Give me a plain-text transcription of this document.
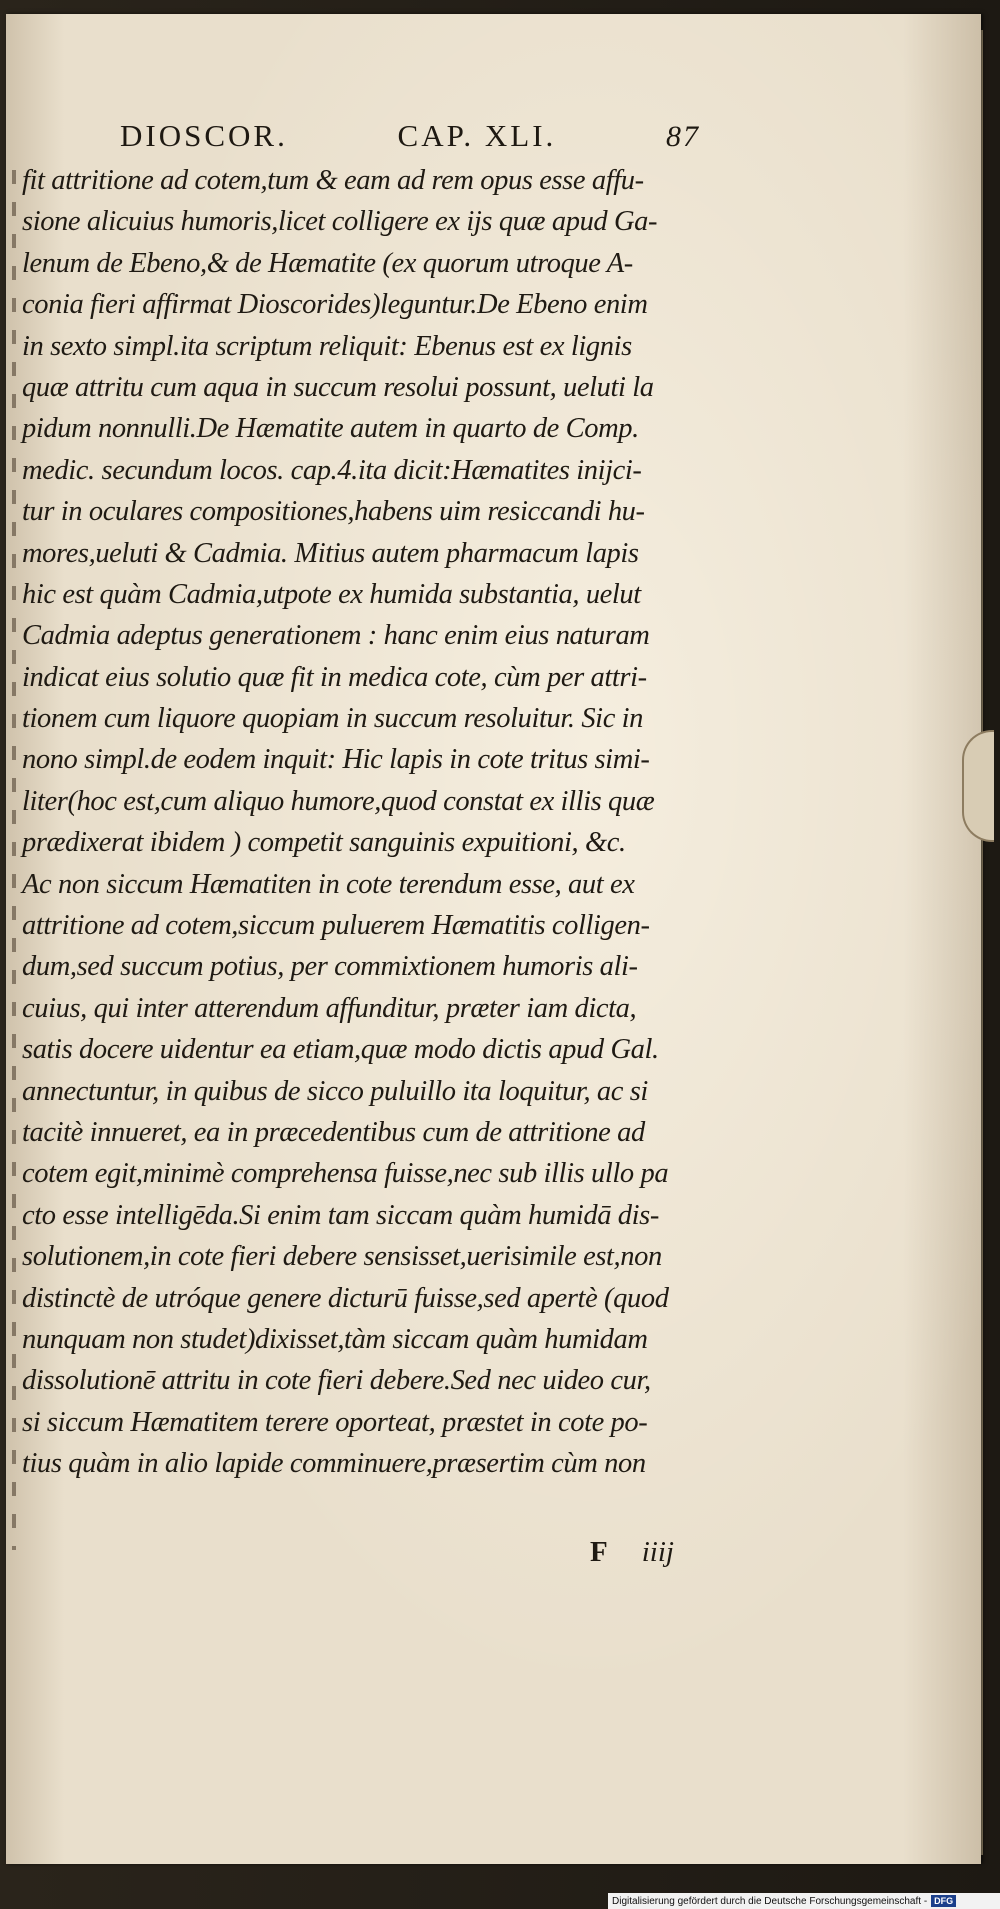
DIOSCOR.	CAP. XLI.	87
fit attritione ad cotem,tum & eam ad rem opus esse affu-
sione alicuius humoris,licet colligere ex ijs quæ apud Ga-
lenum de Ebeno,& de Hæmatite (ex quorum utroque A-
conia fieri affirmat Dioscorides)leguntur.De Ebeno enim
in sexto simpl.ita scriptum reliquit: Ebenus est ex lignis
quæ attritu cum aqua in succum resolui possunt, ueluti la
pidum nonnulli.De Hæmatite autem in quarto de Comp.
medic. secundum locos. cap.4.ita dicit:Hæmatites inijci-
tur in oculares compositiones,habens uim resiccandi hu-
mores,ueluti & Cadmia. Mitius autem pharmacum lapis
hic est quàm Cadmia,utpote ex humida substantia, uelut
Cadmia adeptus generationem : hanc enim eius naturam
indicat eius solutio quæ fit in medica cote, cùm per attri-
tionem cum liquore quopiam in succum resoluitur. Sic in
nono simpl.de eodem inquit: Hic lapis in cote tritus simi-
liter(hoc est,cum aliquo humore,quod constat ex illis quæ
prædixerat ibidem ) competit sanguinis expuitioni, &c.
Ac non siccum Hæmatiten in cote terendum esse, aut ex
attritione ad cotem,siccum puluerem Hæmatitis colligen-
dum,sed succum potius, per commixtionem humoris ali-
cuius, qui inter atterendum affunditur, præter iam dicta,
satis docere uidentur ea etiam,quæ modo dictis apud Gal.
annectuntur, in quibus de sicco puluillo ita loquitur, ac si
tacitè innueret, ea in præcedentibus cum de attritione ad
cotem egit,minimè comprehensa fuisse,nec sub illis ullo pa
cto esse intelligēda.Si enim tam siccam quàm humidā dis-
solutionem,in cote fieri debere sensisset,uerisimile est,non
distinctè de utróque genere dicturū fuisse,sed apertè (quod
nunquam non studet)dixisset,tàm siccam quàm humidam
dissolutionē attritu in cote fieri debere.Sed nec uideo cur,
si siccum Hæmatitem terere oporteat, præstet in cote po-
tius quàm in alio lapide comminuere,præsertim cùm non
F iiij
Digitalisierung gefördert durch die Deutsche Forschungsgemeinschaft - DFG
